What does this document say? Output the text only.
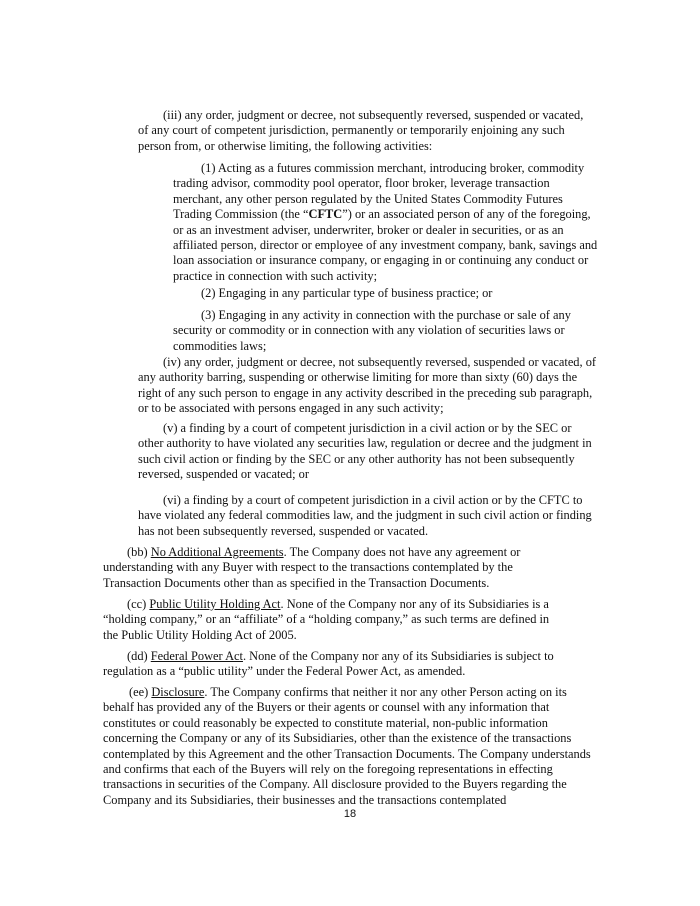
(iii) any order, judgment or decree, not subsequently reversed, suspended or vacated, of any court of competent jurisdiction, permanently or temporarily enjoining any such person from, or otherwise limiting, the following activities:

(1) Acting as a futures commission merchant, introducing broker, commodity trading advisor, commodity pool operator, floor broker, leverage transaction merchant, any other person regulated by the United States Commodity Futures Trading Commission (the “CFTC”) or an associated person of any of the foregoing, or as an investment adviser, underwriter, broker or dealer in securities, or as an affiliated person, director or employee of any investment company, bank, savings and loan association or insurance company, or engaging in or continuing any conduct or practice in connection with such activity;

(2) Engaging in any particular type of business practice; or

(3) Engaging in any activity in connection with the purchase or sale of any security or commodity or in connection with any violation of securities laws or commodities laws;

(iv) any order, judgment or decree, not subsequently reversed, suspended or vacated, of any authority barring, suspending or otherwise limiting for more than sixty (60) days the right of any such person to engage in any activity described in the preceding sub paragraph, or to be associated with persons engaged in any such activity;

(v) a finding by a court of competent jurisdiction in a civil action or by the SEC or other authority to have violated any securities law, regulation or decree and the judgment in such civil action or finding by the SEC or any other authority has not been subsequently reversed, suspended or vacated; or

(vi) a finding by a court of competent jurisdiction in a civil action or by the CFTC to have violated any federal commodities law, and the judgment in such civil action or finding has not been subsequently reversed, suspended or vacated.

(bb) No Additional Agreements. The Company does not have any agreement or understanding with any Buyer with respect to the transactions contemplated by the Transaction Documents other than as specified in the Transaction Documents.

(cc) Public Utility Holding Act. None of the Company nor any of its Subsidiaries is a “holding company,” or an “affiliate” of a “holding company,” as such terms are defined in the Public Utility Holding Act of 2005.

(dd) Federal Power Act. None of the Company nor any of its Subsidiaries is subject to regulation as a “public utility” under the Federal Power Act, as amended.

(ee) Disclosure. The Company confirms that neither it nor any other Person acting on its behalf has provided any of the Buyers or their agents or counsel with any information that constitutes or could reasonably be expected to constitute material, non-public information concerning the Company or any of its Subsidiaries, other than the existence of the transactions contemplated by this Agreement and the other Transaction Documents. The Company understands and confirms that each of the Buyers will rely on the foregoing representations in effecting transactions in securities of the Company. All disclosure provided to the Buyers regarding the Company and its Subsidiaries, their businesses and the transactions contemplated

18
